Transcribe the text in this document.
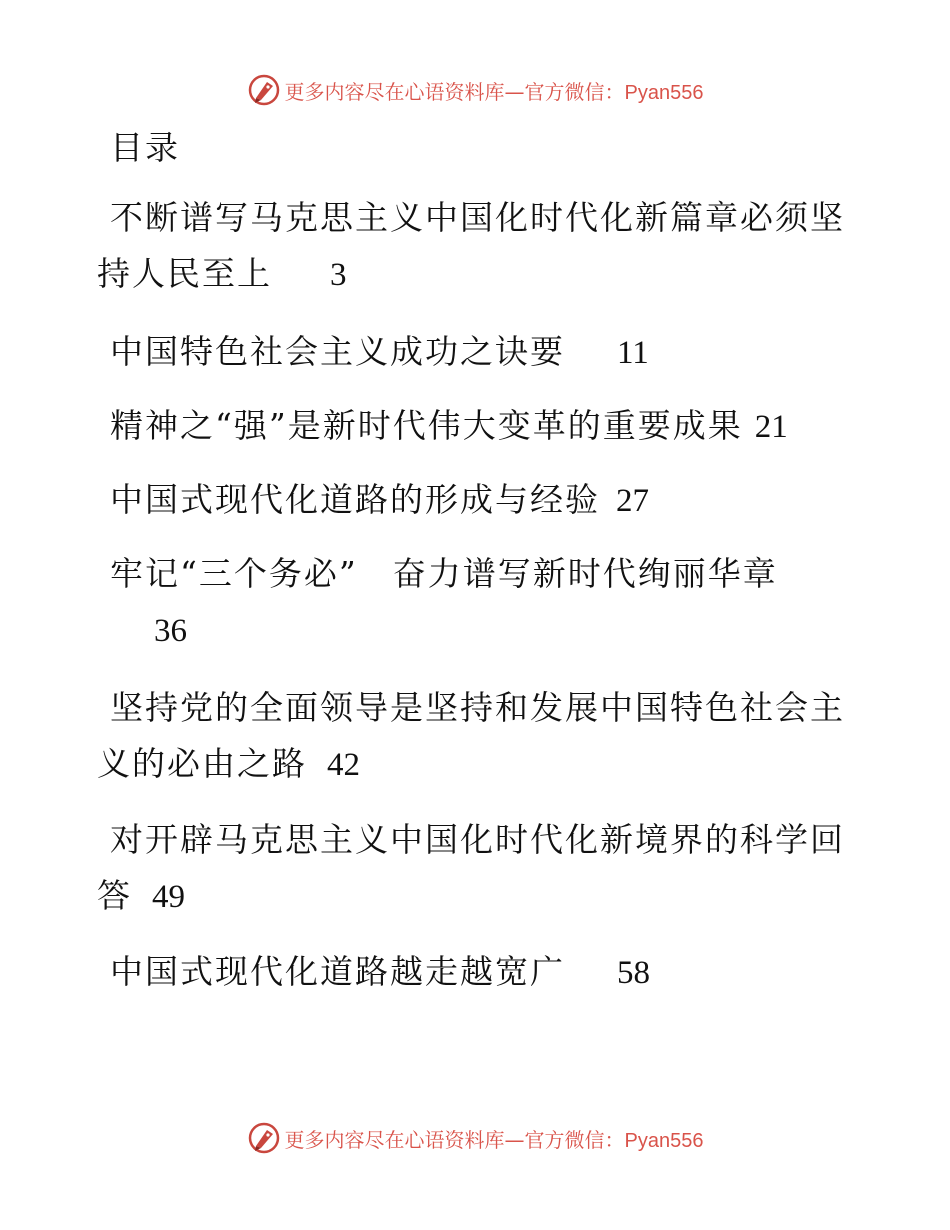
更多内容尽在心语资料库—官方微信：Pyan556
目录
不断谱写马克思主义中国化时代化新篇章必须坚
持人民至上 3
中国特色社会主义成功之诀要 11
精神之“强”是新时代伟大变革的重要成果 21
中国式现代化道路的形成与经验 27
牢记“三个务必”　奋力谱写新时代绚丽华章
36
坚持党的全面领导是坚持和发展中国特色社会主
义的必由之路 42
对开辟马克思主义中国化时代化新境界的科学回
答 49
中国式现代化道路越走越宽广 58
更多内容尽在心语资料库—官方微信：Pyan556
